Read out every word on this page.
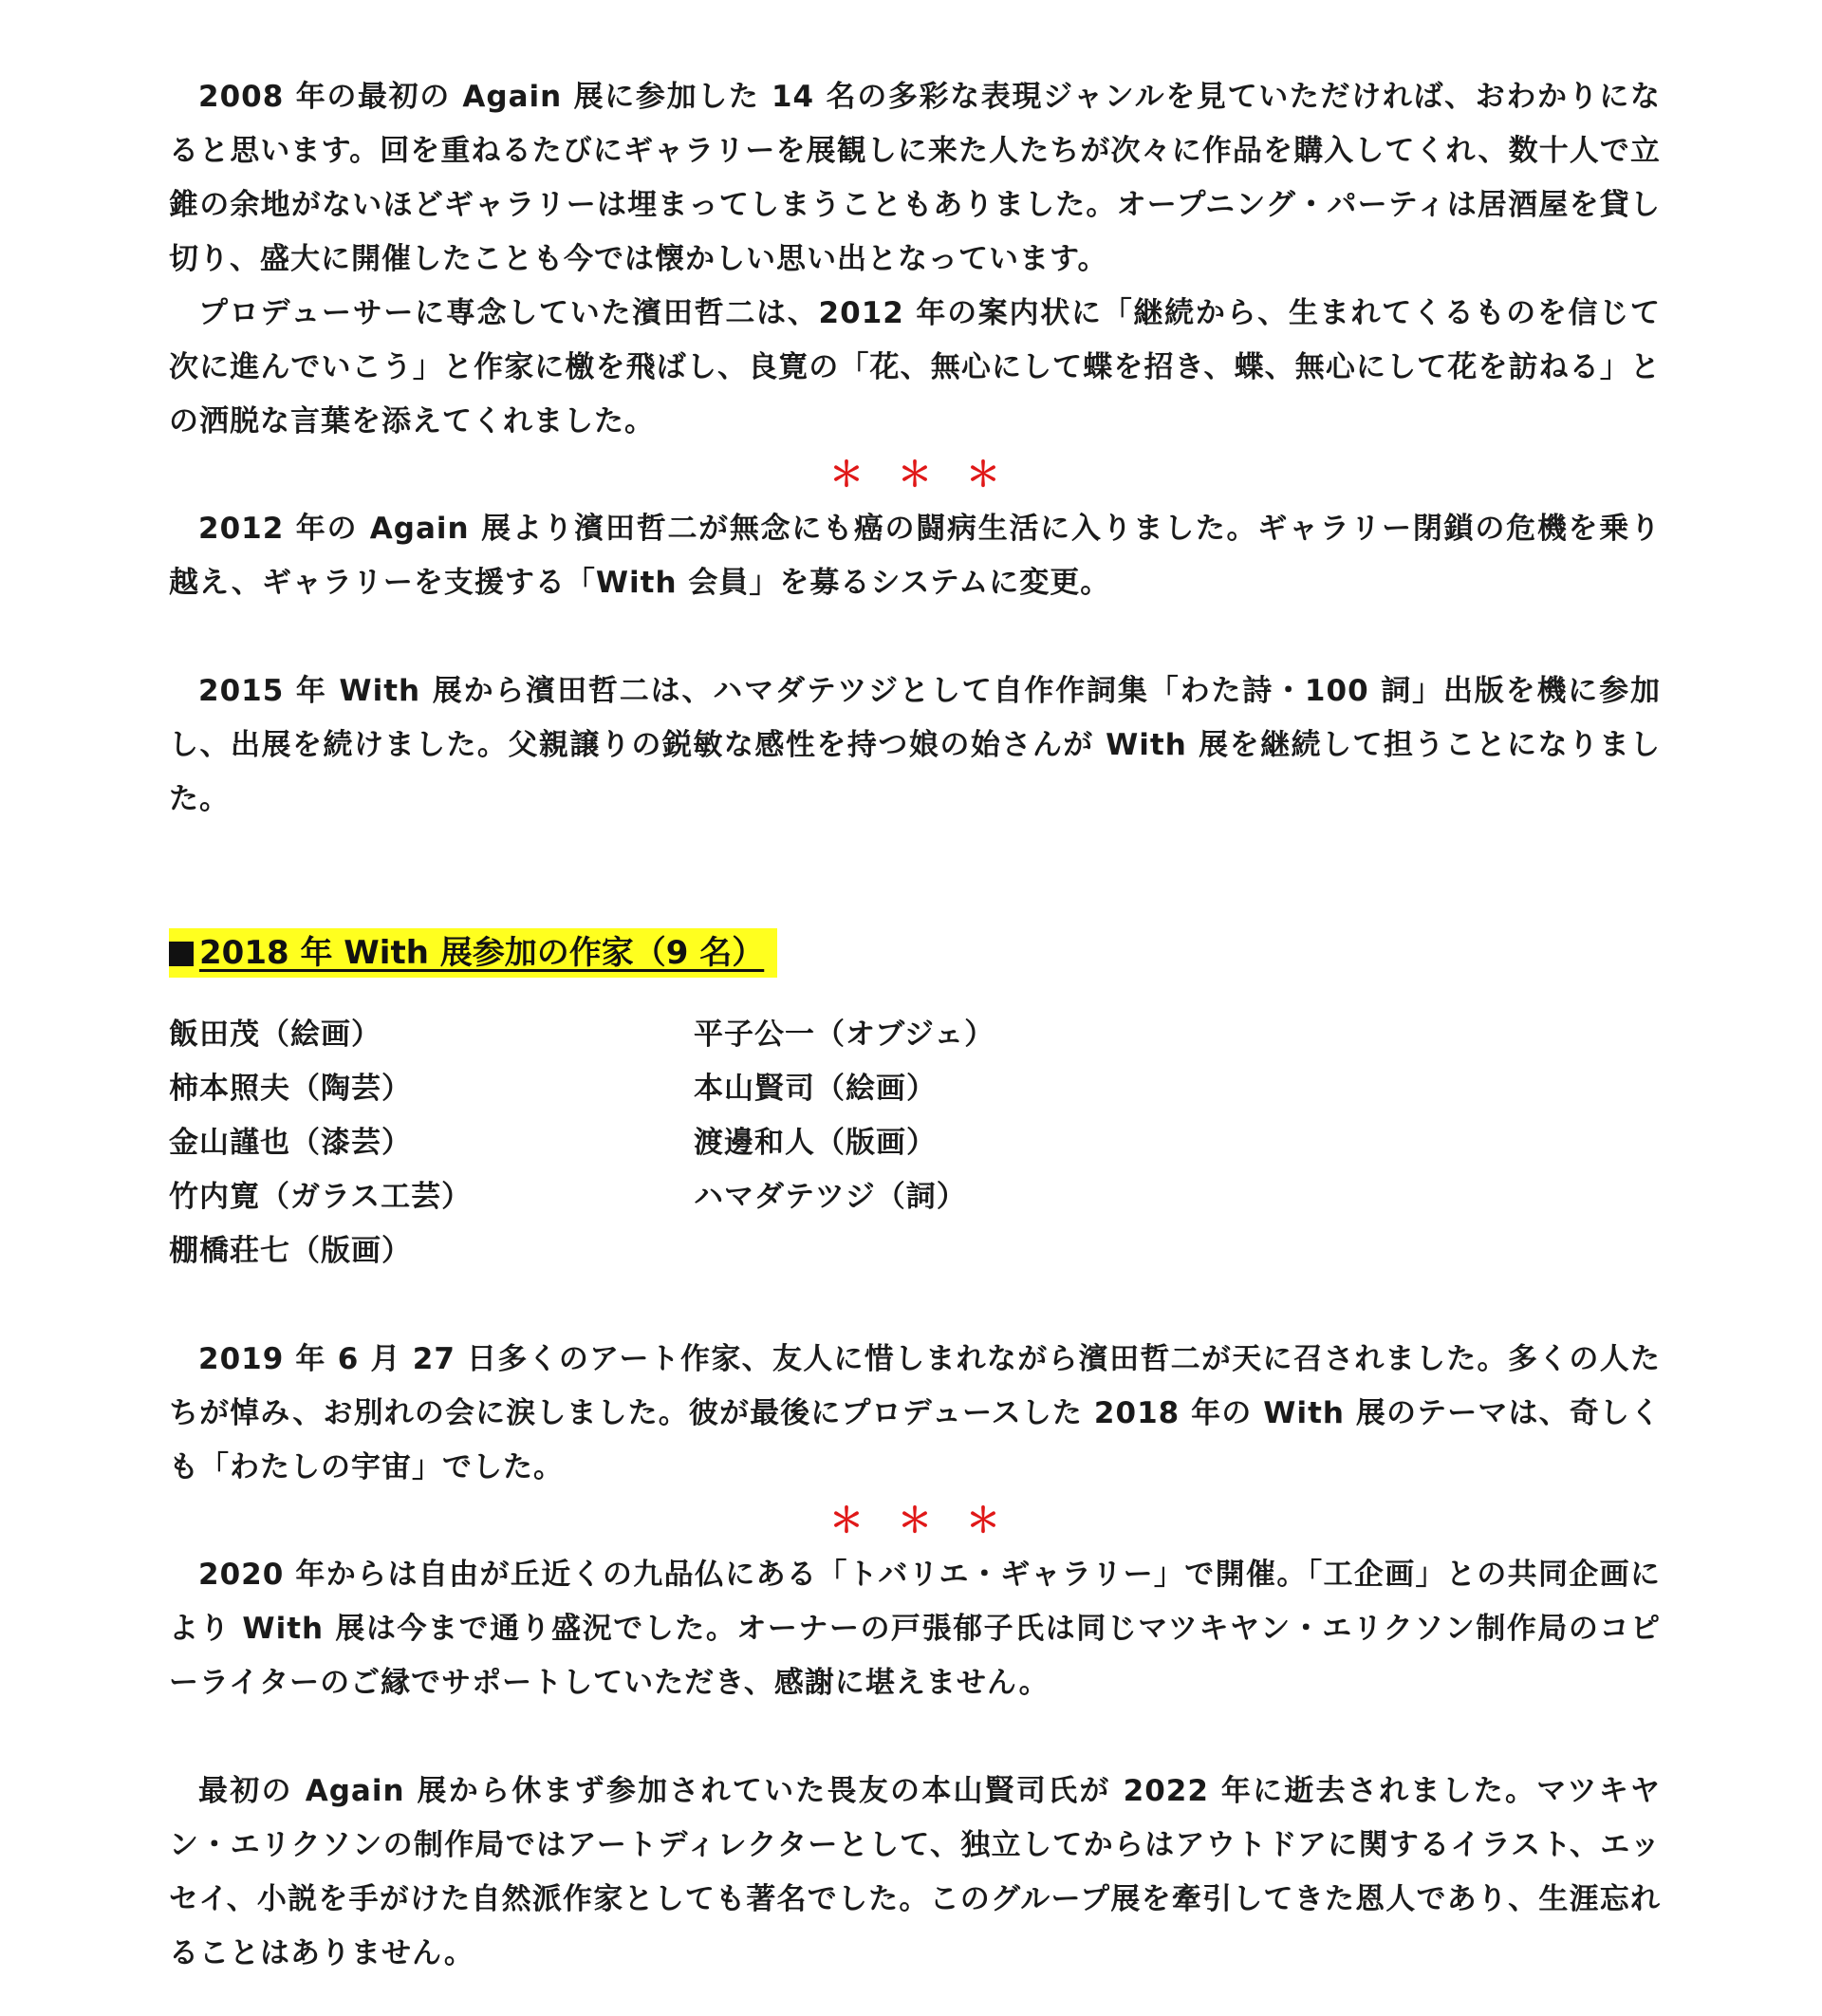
2008 年の最初の Again 展に参加した 14 名の多彩な表現ジャンルを見ていただければ、おわかりになると思います。回を重ねるたびにギャラリーを展観しに来た人たちが次々に作品を購入してくれ、数十人で立錐の余地がないほどギャラリーは埋まってしまうこともありました。オープニング・パーティは居酒屋を貸し切り、盛大に開催したことも今では懐かしい思い出となっています。

プロデューサーに専念していた濱田哲二は、2012 年の案内状に「継続から、生まれてくるものを信じて次に進んでいこう」と作家に檄を飛ばし、良寛の「花、無心にして蝶を招き、蝶、無心にして花を訪ねる」との洒脱な言葉を添えてくれました。

＊＊＊

2012 年の Again 展より濱田哲二が無念にも癌の闘病生活に入りました。ギャラリー閉鎖の危機を乗り越え、ギャラリーを支援する「With 会員」を募るシステムに変更。

2015 年 With 展から濱田哲二は、ハマダテツジとして自作作詞集「わた詩・100 詞」出版を機に参加し、出展を続けました。父親譲りの鋭敏な感性を持つ娘の始さんが With 展を継続して担うことになりました。

2018 年 With 展参加の作家（9 名）
飯田茂（絵画）	平子公一（オブジェ）
柿本照夫（陶芸）	本山賢司（絵画）
金山謹也（漆芸）	渡邊和人（版画）
竹内寛（ガラス工芸）	ハマダテツジ（詞）
棚橋荘七（版画）

2019 年 6 月 27 日多くのアート作家、友人に惜しまれながら濱田哲二が天に召されました。多くの人たちが悼み、お別れの会に涙しました。彼が最後にプロデュースした 2018 年の With 展のテーマは、奇しくも「わたしの宇宙」でした。

＊＊＊

2020 年からは自由が丘近くの九品仏にある「トバリエ・ギャラリー」で開催。「工企画」との共同企画により With 展は今まで通り盛況でした。オーナーの戸張郁子氏は同じマツキヤン・エリクソン制作局のコピーライターのご縁でサポートしていただき、感謝に堪えません。

最初の Again 展から休まず参加されていた畏友の本山賢司氏が 2022 年に逝去されました。マツキヤン・エリクソンの制作局ではアートディレクターとして、独立してからはアウトドアに関するイラスト、エッセイ、小説を手がけた自然派作家としても著名でした。このグループ展を牽引してきた恩人であり、生涯忘れることはありません。
